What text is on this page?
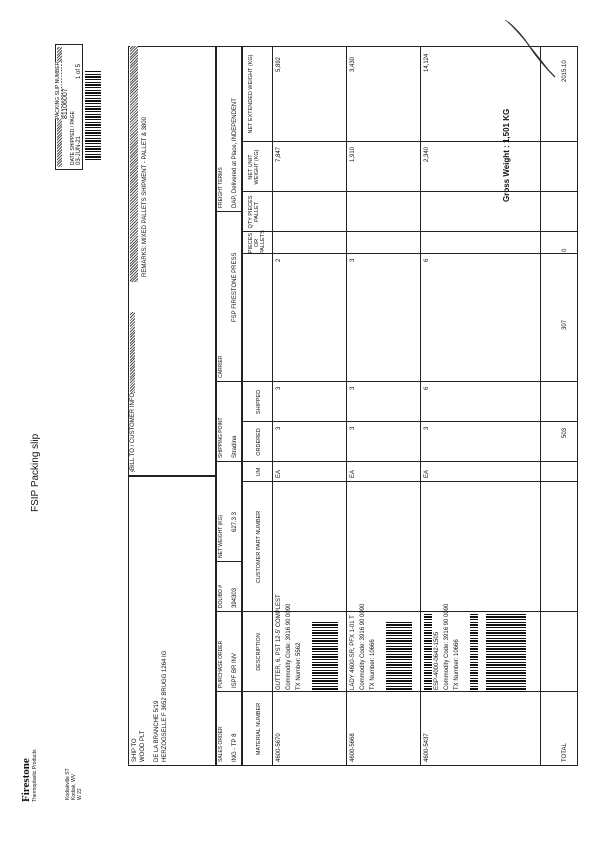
Firestone Thermoplastic Products	Kodiakville ST Kodiak, WV W 22
FSIP Packing slip
PACKING SLIP NUMBER 81106007
DATE SHIPPED / PAGE 03-JUN-21
1 of 5
BILL TO / CUSTOMER INFO
SHIP TO WOOD PLT DE LA BRANCHE 5/19 HERZOGSELLE F 3652 BRUGG 1264 IG
REMARKS: MIXED PALLETS SHIPMENT - PALLET & 3800
SALES ORDER ING - TP 8
PURCHASE ORDER ISPF BR INV
DOLIBO # 394303
NET WEIGHT (KG) 627.3 3
SHIPPING POINT Stradina
CARRIER
FSP FIRESTONE PRESS
FREIGHT TERMS DAP, Delivered at Place, INDEPENDENT
MATERIAL NUMBER
DESCRIPTION
CUSTOMER PART NUMBER
UM
ORDERED
SHIPPED
PIECES OR PALLETS
QTY PIECES PALLET
NET UNIT WEIGHT (KG)
NET EXTENDED WEIGHT (KG)
4600-5670
GUTTER, 6, PST 12-5' COMPLEST Commodity Code: 3916 90 0090 TX Number: 5562
EA
3
3
2
7,847
5,892
4600-5668
LADY 4600-SR, PFX 1-01 T Commodity Code: 3916 90 0090 TX Number: 10666
EA
3
3
3
1,910
3,430
4600-5437
ESP-4000-0642-1505 Commodity Code: 3916 90 0090 TX Number: 10666
EA
3
6
6
2,340
14,124
TOTAL
503
307
0
2015.10
Gross Weight : 1,501 KG
